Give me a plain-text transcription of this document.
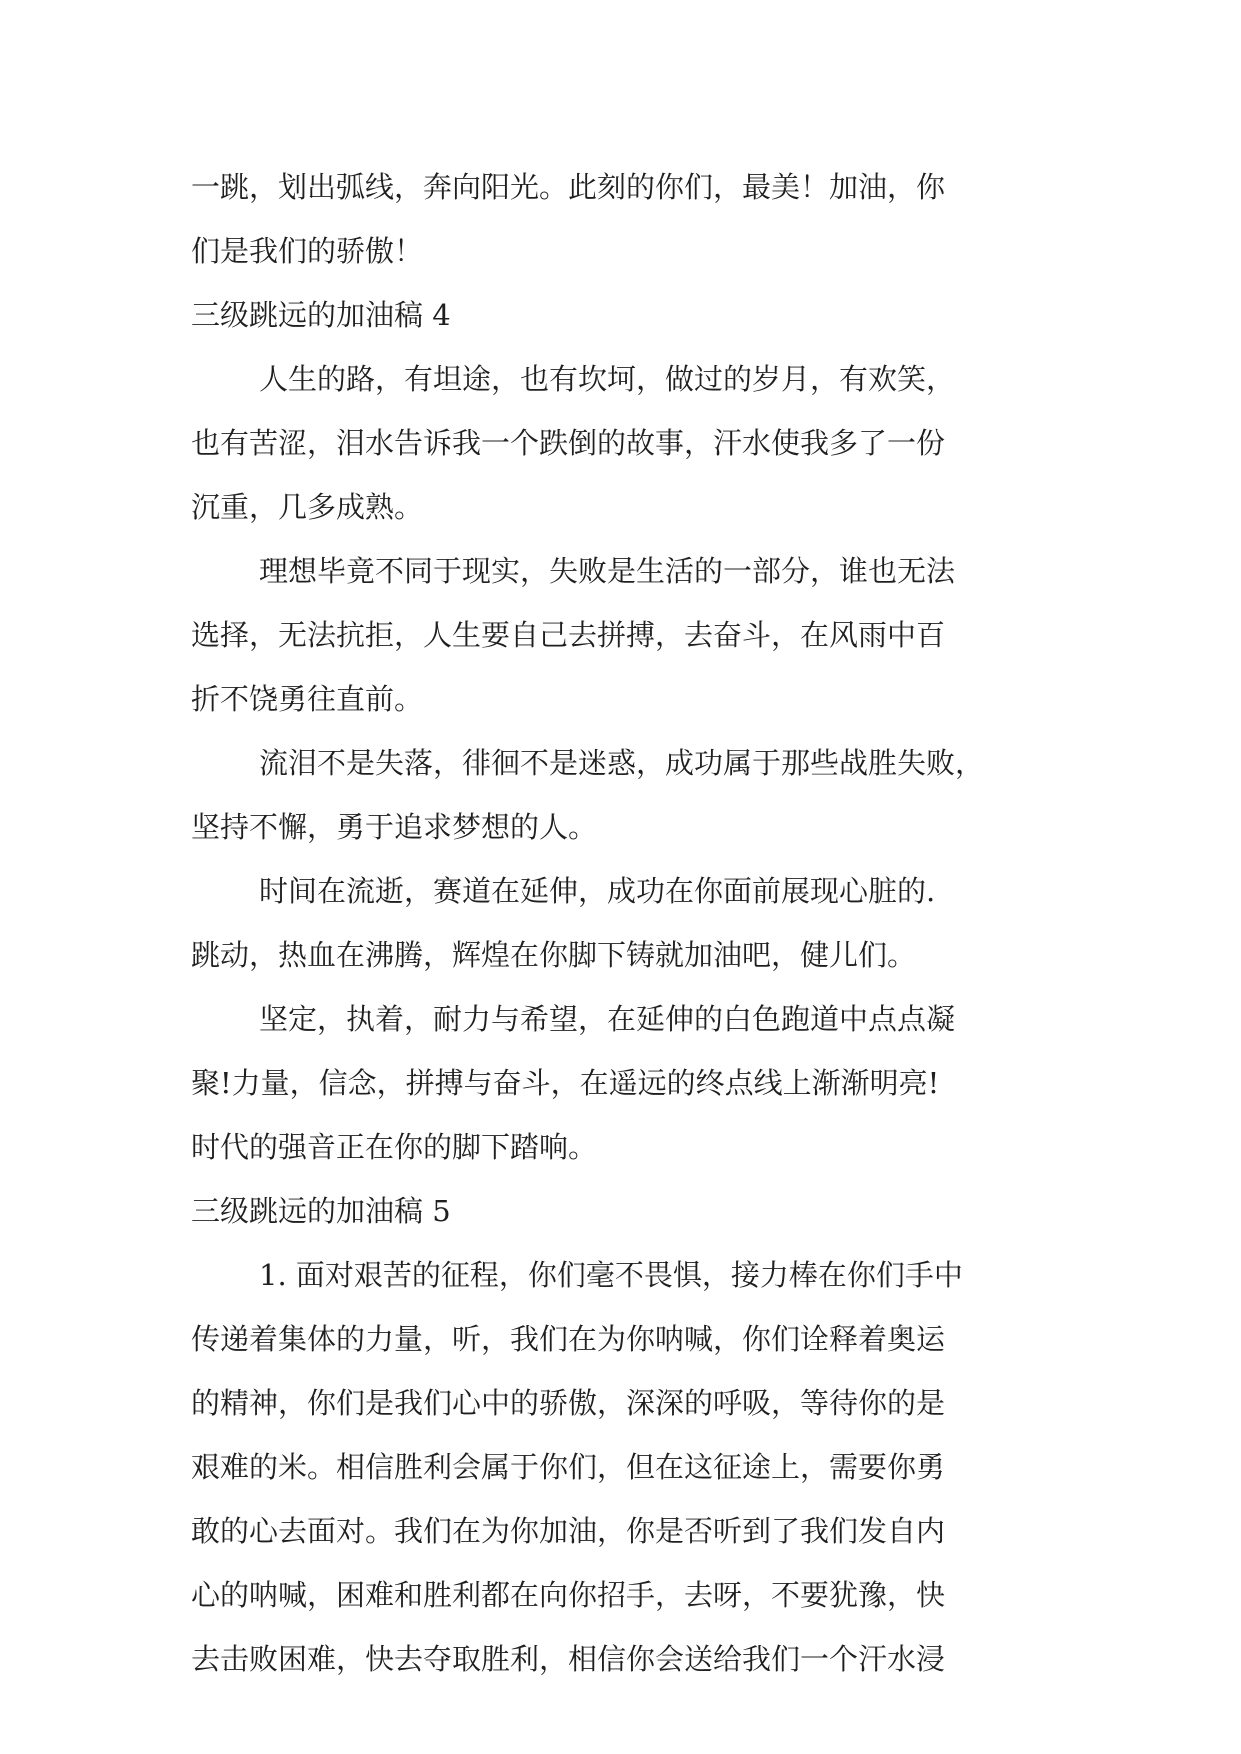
一跳，划出弧线，奔向阳光。此刻的你们，最美！加油，你
们是我们的骄傲！
三级跳远的加油稿 4
人生的路，有坦途，也有坎坷，做过的岁月，有欢笑，
也有苦涩，泪水告诉我一个跌倒的故事，汗水使我多了一份
沉重，几多成熟。
理想毕竟不同于现实，失败是生活的一部分，谁也无法
选择，无法抗拒，人生要自己去拼搏，去奋斗，在风雨中百
折不饶勇往直前。
流泪不是失落，徘徊不是迷惑，成功属于那些战胜失败，
坚持不懈，勇于追求梦想的人。
时间在流逝，赛道在延伸，成功在你面前展现心脏的.
跳动，热血在沸腾，辉煌在你脚下铸就加油吧，健儿们。
坚定，执着，耐力与希望，在延伸的白色跑道中点点凝
聚!力量，信念，拼搏与奋斗，在遥远的终点线上渐渐明亮!
时代的强音正在你的脚下踏响。
三级跳远的加油稿 5
1. 面对艰苦的征程，你们毫不畏惧，接力棒在你们手中
传递着集体的力量，听，我们在为你呐喊，你们诠释着奥运
的精神，你们是我们心中的骄傲，深深的呼吸，等待你的是
艰难的米。相信胜利会属于你们，但在这征途上，需要你勇
敢的心去面对。我们在为你加油，你是否听到了我们发自内
心的呐喊，困难和胜利都在向你招手，去呀，不要犹豫，快
去击败困难，快去夺取胜利，相信你会送给我们一个汗水浸
